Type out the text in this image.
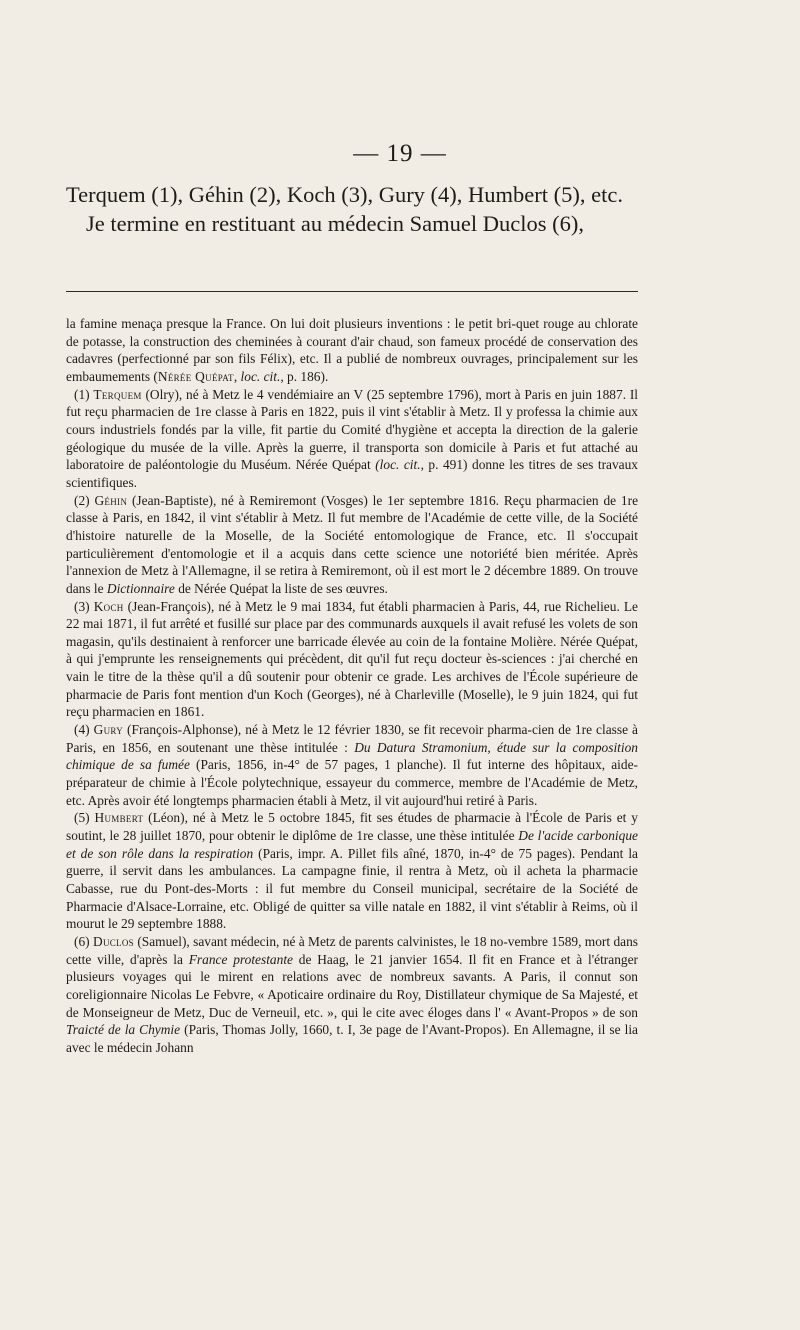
— 19 —

Terquem (1), Géhin (2), Koch (3), Gury (4), Humbert (5), etc.

Je termine en restituant au médecin Samuel Duclos (6),

la famine menaça presque la France. On lui doit plusieurs inventions : le petit bri-quet rouge au chlorate de potasse, la construction des cheminées à courant d'air chaud, son fameux procédé de conservation des cadavres (perfectionné par son fils Félix), etc. Il a publié de nombreux ouvrages, principalement sur les embaumements (Nérée Quépat, loc. cit., p. 186).

(1) Terquem (Olry), né à Metz le 4 vendémiaire an V (25 septembre 1796), mort à Paris en juin 1887. Il fut reçu pharmacien de 1re classe à Paris en 1822, puis il vint s'établir à Metz. Il y professa la chimie aux cours industriels fondés par la ville, fit partie du Comité d'hygiène et accepta la direction de la galerie géologique du musée de la ville. Après la guerre, il transporta son domicile à Paris et fut attaché au laboratoire de paléontologie du Muséum. Nérée Quépat (loc. cit., p. 491) donne les titres de ses travaux scientifiques.

(2) Géhin (Jean-Baptiste), né à Remiremont (Vosges) le 1er septembre 1816. Reçu pharmacien de 1re classe à Paris, en 1842, il vint s'établir à Metz. Il fut membre de l'Académie de cette ville, de la Société d'histoire naturelle de la Moselle, de la Société entomologique de France, etc. Il s'occupait particulièrement d'entomologie et il a acquis dans cette science une notoriété bien méritée. Après l'annexion de Metz à l'Allemagne, il se retira à Remiremont, où il est mort le 2 décembre 1889. On trouve dans le Dictionnaire de Nérée Quépat la liste de ses œuvres.

(3) Koch (Jean-François), né à Metz le 9 mai 1834, fut établi pharmacien à Paris, 44, rue Richelieu. Le 22 mai 1871, il fut arrêté et fusillé sur place par des communards auxquels il avait refusé les volets de son magasin, qu'ils destinaient à renforcer une barricade élevée au coin de la fontaine Molière. Nérée Quépat, à qui j'emprunte les renseignements qui précèdent, dit qu'il fut reçu docteur ès-sciences : j'ai cherché en vain le titre de la thèse qu'il a dû soutenir pour obtenir ce grade. Les archives de l'École supérieure de pharmacie de Paris font mention d'un Koch (Georges), né à Charleville (Moselle), le 9 juin 1824, qui fut reçu pharmacien en 1861.

(4) Gury (François-Alphonse), né à Metz le 12 février 1830, se fit recevoir pharma-cien de 1re classe à Paris, en 1856, en soutenant une thèse intitulée : Du Datura Stramonium, étude sur la composition chimique de sa fumée (Paris, 1856, in-4° de 57 pages, 1 planche). Il fut interne des hôpitaux, aide-préparateur de chimie à l'École polytechnique, essayeur du commerce, membre de l'Académie de Metz, etc. Après avoir été longtemps pharmacien établi à Metz, il vit aujourd'hui retiré à Paris.

(5) Humbert (Léon), né à Metz le 5 octobre 1845, fit ses études de pharmacie à l'École de Paris et y soutint, le 28 juillet 1870, pour obtenir le diplôme de 1re classe, une thèse intitulée De l'acide carbonique et de son rôle dans la respiration (Paris, impr. A. Pillet fils aîné, 1870, in-4° de 75 pages). Pendant la guerre, il servit dans les ambulances. La campagne finie, il rentra à Metz, où il acheta la pharmacie Cabasse, rue du Pont-des-Morts : il fut membre du Conseil municipal, secrétaire de la Société de Pharmacie d'Alsace-Lorraine, etc. Obligé de quitter sa ville natale en 1882, il vint s'établir à Reims, où il mourut le 29 septembre 1888.

(6) Duclos (Samuel), savant médecin, né à Metz de parents calvinistes, le 18 no-vembre 1589, mort dans cette ville, d'après la France protestante de Haag, le 21 janvier 1654. Il fit en France et à l'étranger plusieurs voyages qui le mirent en relations avec de nombreux savants. A Paris, il connut son coreligionnaire Nicolas Le Febvre, « Apoticaire ordinaire du Roy, Distillateur chymique de Sa Majesté, et de Monseigneur de Metz, Duc de Verneuil, etc. », qui le cite avec éloges dans l' « Avant-Propos » de son Traicté de la Chymie (Paris, Thomas Jolly, 1660, t. I, 3e page de l'Avant-Propos). En Allemagne, il se lia avec le médecin Johann
